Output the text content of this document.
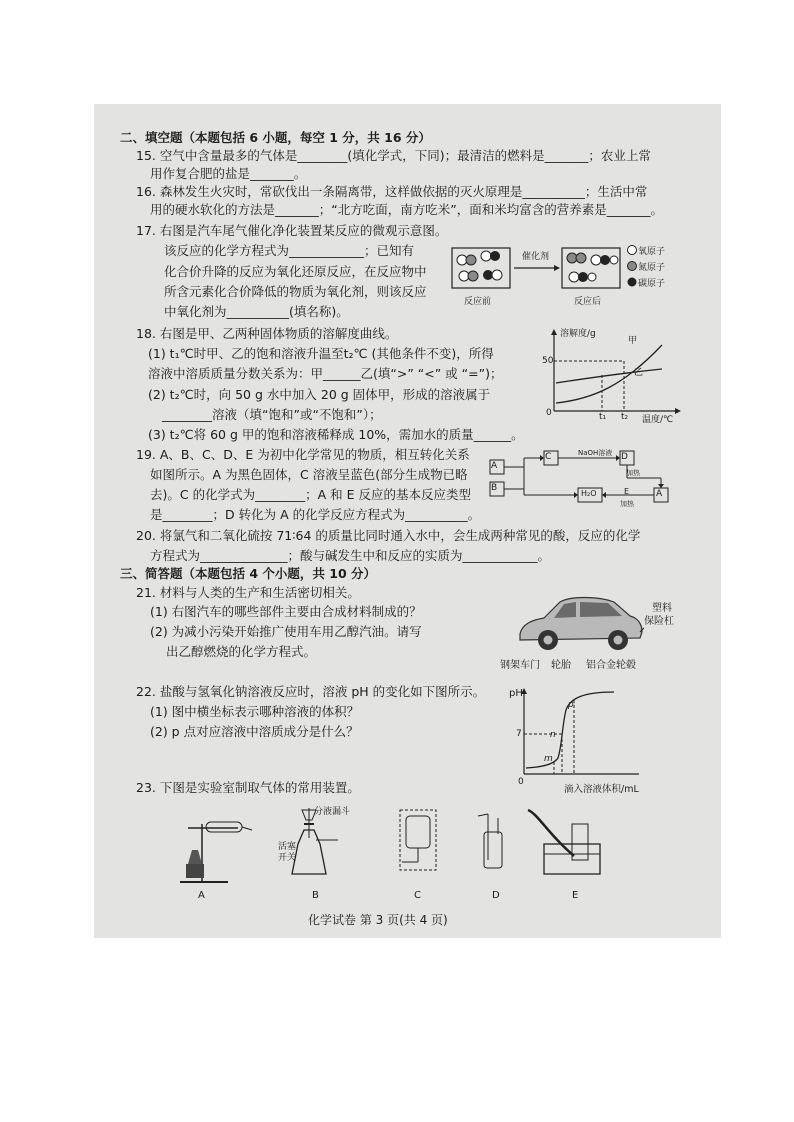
二、填空题（本题包括 6 小题，每空 1 分，共 16 分）
15. 空气中含量最多的气体是________(填化学式，下同)；最清洁的燃料是_______；农业上常
用作复合肥的盐是_______。
16. 森林发生火灾时，常砍伐出一条隔离带，这样做依据的灭火原理是__________；生活中常
用的硬水软化的方法是_______；“北方吃面，南方吃米”，面和米均富含的营养素是_______。
17. 右图是汽车尾气催化净化装置某反应的微观示意图。
该反应的化学方程式为____________；已知有
化合价升降的反应为氧化还原反应，在反应物中
所含元素化合价降低的物质为氧化剂，则该反应
中氧化剂为__________(填名称)。
催化剂
反应前	反应后
氧原子
氮原子
碳原子
18. 右图是甲、乙两种固体物质的溶解度曲线。
(1) t₁℃时甲、乙的饱和溶液升温至t₂℃ (其他条件不变)，所得
溶液中溶质质量分数关系为：甲______乙(填“>” “<” 或 “=”)；
(2) t₂℃时，向 50 g 水中加入 20 g 固体甲，形成的溶液属于
________溶液（填“饱和”或“不饱和”）；
(3) t₂℃将 60 g 甲的饱和溶液稀释成 10%，需加水的质量______。
溶解度/g
甲
乙
50
0	t₁ t₂ 温度/℃
19. A、B、C、D、E 为初中化学常见的物质，相互转化关系
如图所示。A 为黑色固体，C 溶液呈蓝色(部分生成物已略
去)。C 的化学式为________；A 和 E 反应的基本反应类型
是________；D 转化为 A 的化学反应方程式为__________。
A
B
C	D
H₂O	A
NaOH溶液
加热
E
加热
20. 将氯气和二氧化硫按 71∶64 的质量比同时通入水中，会生成两种常见的酸，反应的化学
方程式为______________；酸与碱发生中和反应的实质为____________。
三、简答题（本题包括 4 个小题，共 10 分）
21. 材料与人类的生产和生活密切相关。
(1) 右图汽车的哪些部件主要由合成材料制成的？
(2) 为减小污染开始推广使用车用乙醇汽油。请写
出乙醇燃烧的化学方程式。
塑料
保险杠
钢架车门 轮胎 铝合金轮毂
22. 盐酸与氢氧化钠溶液反应时，溶液 pH 的变化如下图所示。
(1) 图中横坐标表示哪种溶液的体积？
(2) p 点对应溶液中溶质成分是什么？
pH
7
p
n
m
0
滴入溶液体积/mL
23. 下图是实验室制取气体的常用装置。
分液漏斗
活塞
开关
A	B	C	D	E
化学试卷 第 3 页(共 4 页)
